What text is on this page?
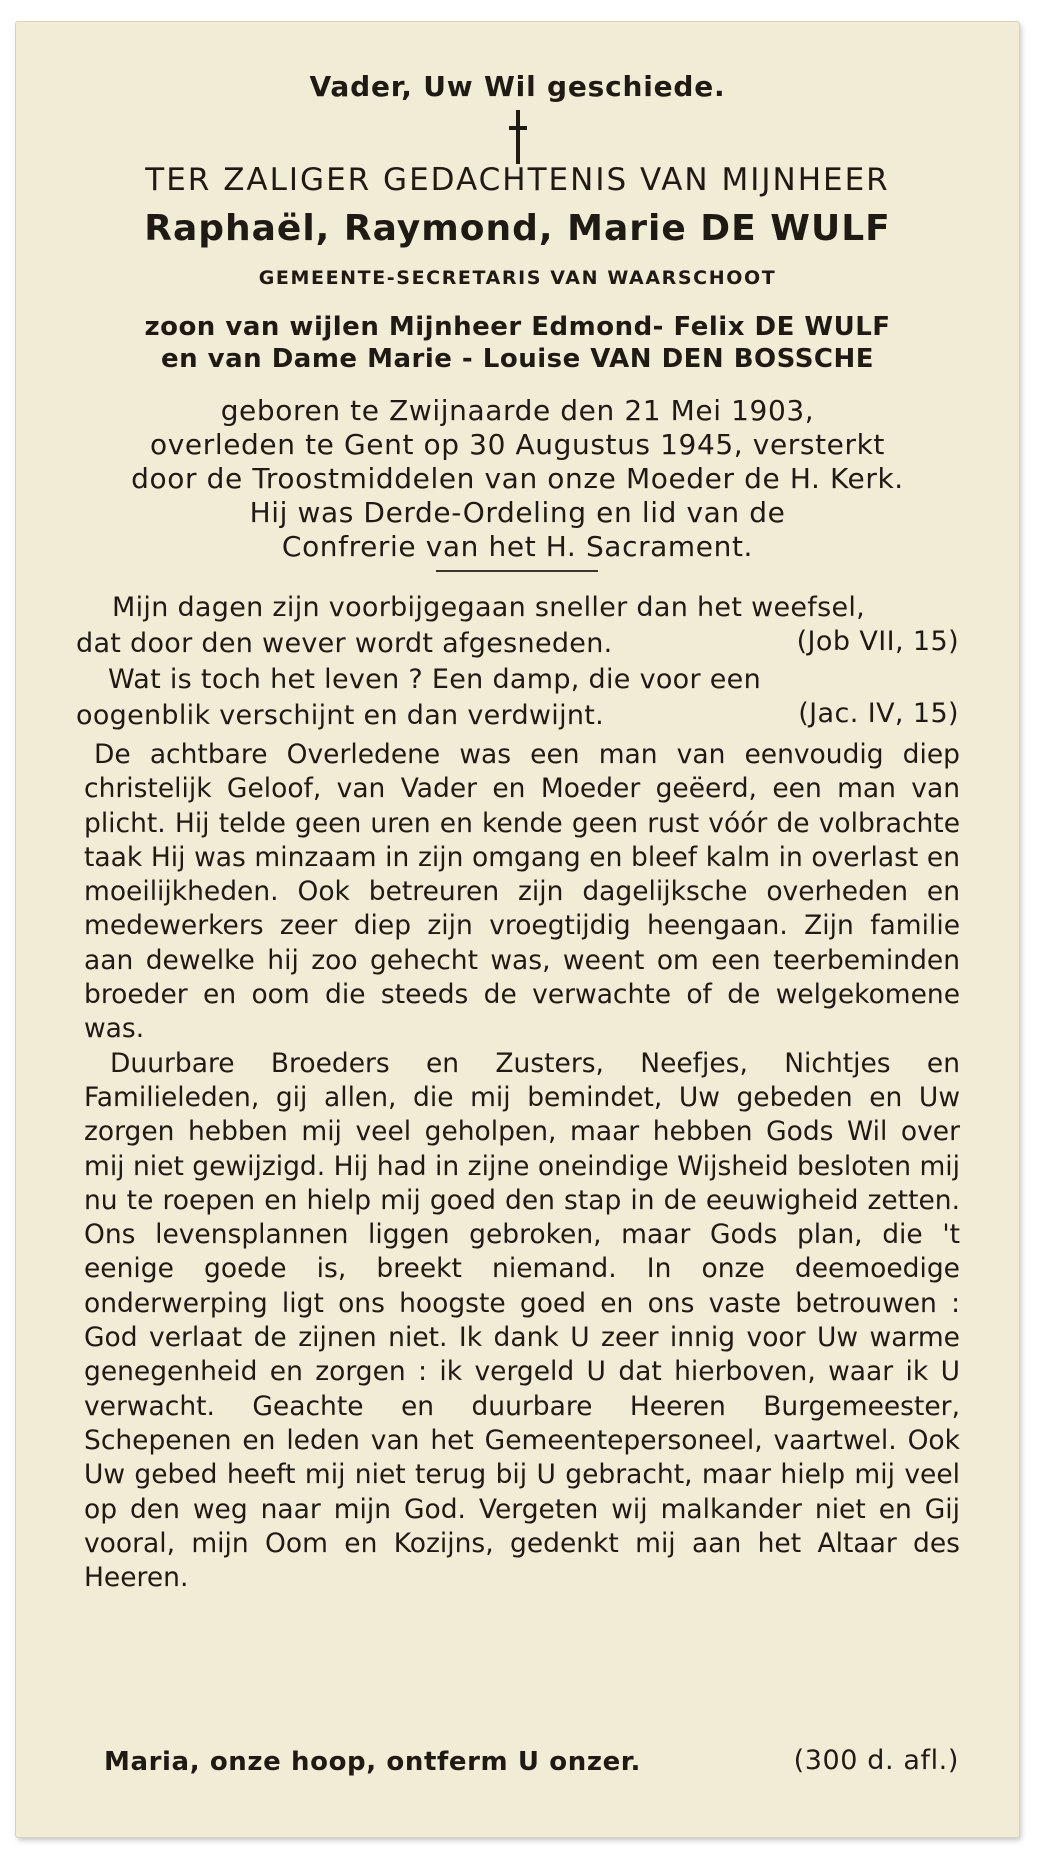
Vader, Uw Wil geschiede.
TER ZALIGER GEDACHTENIS VAN MIJNHEER
Raphaël, Raymond, Marie DE WULF
GEMEENTE-SECRETARIS VAN WAARSCHOOT
zoon van wijlen Mijnheer Edmond- Felix DE WULF
en van Dame Marie - Louise VAN DEN BOSSCHE
geboren te Zwijnaarde den 21 Mei 1903,
overleden te Gent op 30 Augustus 1945, versterkt
door de Troostmiddelen van onze Moeder de H. Kerk.
Hij was Derde-Ordeling en lid van de
Confrerie van het H. Sacrament.
Mijn dagen zijn voorbijgegaan sneller dan het weefsel,
dat door den wever wordt afgesneden.	(Job VII, 15)
Wat is toch het leven ? Een damp, die voor een
oogenblik verschijnt en dan verdwijnt.	(Jac. IV, 15)

De achtbare Overledene was een man van eenvoudig diep christelijk Geloof, van Vader en Moeder geëerd, een man van plicht. Hij telde geen uren en kende geen rust vóór de volbrachte taak Hij was minzaam in zijn omgang en bleef kalm in overlast en moeilijkheden. Ook betreuren zijn dagelijksche overheden en medewerkers zeer diep zijn vroegtijdig heengaan. Zijn familie aan dewelke hij zoo gehecht was, weent om een teerbeminden broeder en oom die steeds de verwachte of de welgekomene was.

Duurbare Broeders en Zusters, Neefjes, Nichtjes en Familieleden, gij allen, die mij bemindet, Uw gebeden en Uw zorgen hebben mij veel geholpen, maar hebben Gods Wil over mij niet gewijzigd. Hij had in zijne oneindige Wijsheid besloten mij nu te roepen en hielp mij goed den stap in de eeuwigheid zetten. Ons levensplannen liggen gebroken, maar Gods plan, die 't eenige goede is, breekt niemand. In onze deemoedige onderwerping ligt ons hoogste goed en ons vaste betrouwen : God verlaat de zijnen niet. Ik dank U zeer innig voor Uw warme genegenheid en zorgen : ik vergeld U dat hierboven, waar ik U verwacht. Geachte en duurbare Heeren Burgemeester, Schepenen en leden van het Gemeentepersoneel, vaartwel. Ook Uw gebed heeft mij niet terug bij U gebracht, maar hielp mij veel op den weg naar mijn God. Vergeten wij malkander niet en Gij vooral, mijn Oom en Kozijns, gedenkt mij aan het Altaar des Heeren.

Maria, onze hoop, ontferm U onzer.	(300 d. afl.)
